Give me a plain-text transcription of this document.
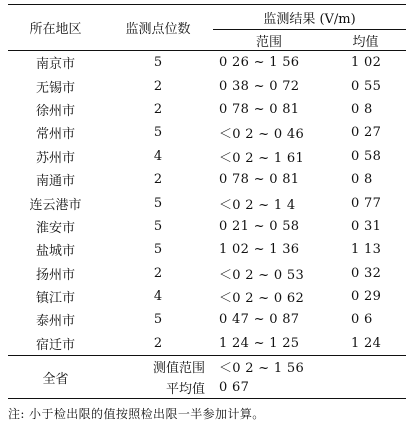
所在地区	监测点位数	监测结果 (V/m)	
		范围	均值
南京市	5	0 26 ~ 1 56	1 02
无锡市	2	0 38 ~ 0 72	0 55
徐州市	2	0 78 ~ 0 81	0 8
常州市	5	＜0 2 ~ 0 46	0 27
苏州市	4	＜0 2 ~ 1 61	0 58
南通市	2	0 78 ~ 0 81	0 8
连云港市	5	＜0 2 ~ 1 4	0 77
淮安市	5	0 21 ~ 0 58	0 31
盐城市	5	1 02 ~ 1 36	1 13
扬州市	2	＜0 2 ~ 0 53	0 32
镇江市	4	＜0 2 ~ 0 62	0 29
泰州市	5	0 47 ~ 0 87	0 6
宿迁市	2	1 24 ~ 1 25	1 24
全省	测值范围	＜0 2 ~ 1 56	
	平均值	0 67	
注: 小于检出限的值按照检出限一半参加计算。
